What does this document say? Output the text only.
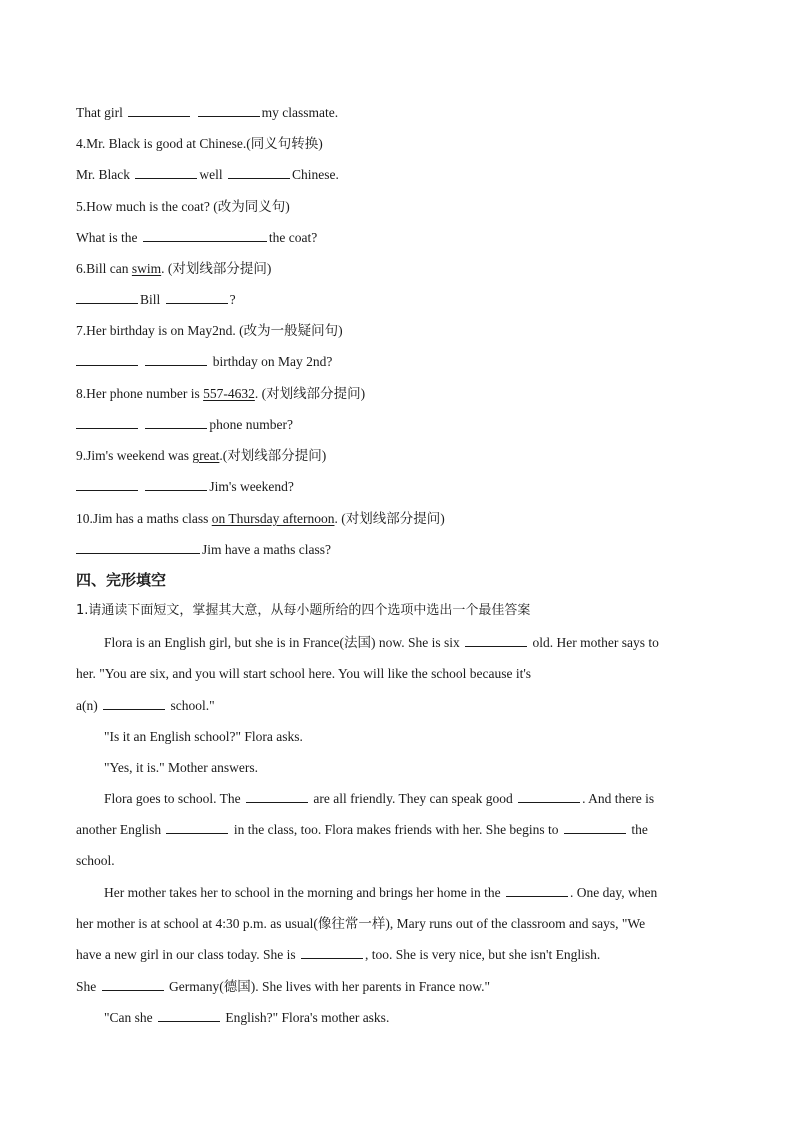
That girl	my classmate.
4.Mr. Black is good at Chinese.(同义句转换)
Mr. Black	well	Chinese.
5.How much is the coat? (改为同义句)
What is the	the coat?
6.Bill can swim. (对划线部分提问)
Bill	?
7.Her birthday is on May2nd. (改为一般疑问句)
birthday on May 2nd?
8.Her phone number is 557-4632. (对划线部分提问)
phone number?
9.Jim's weekend was great.(对划线部分提问)
Jim's weekend?
10.Jim has a maths class on Thursday afternoon. (对划线部分提问)
Jim have a maths class?
四、完形填空
1.请通读下面短文，掌握其大意，从每小题所给的四个选项中选出一个最佳答案
Flora is an English girl, but she is in France(法国) now. She is six	old. Her mother says to
her. "You are six, and you will start school here. You will like the school because it's
a(n)	school."
"Is it an English school?" Flora asks.
"Yes, it is." Mother answers.
Flora goes to school. The	are all friendly. They can speak good	. And there is
another English	in the class, too. Flora makes friends with her. She begins to	the
school.
Her mother takes her to school in the morning and brings her home in the	. One day, when
her mother is at school at 4:30 p.m. as usual(像往常一样), Mary runs out of the classroom and says, "We
have a new girl in our class today. She is	, too. She is very nice, but she isn't English.
She	Germany(德国). She lives with her parents in France now."
"Can she	English?" Flora's mother asks.
